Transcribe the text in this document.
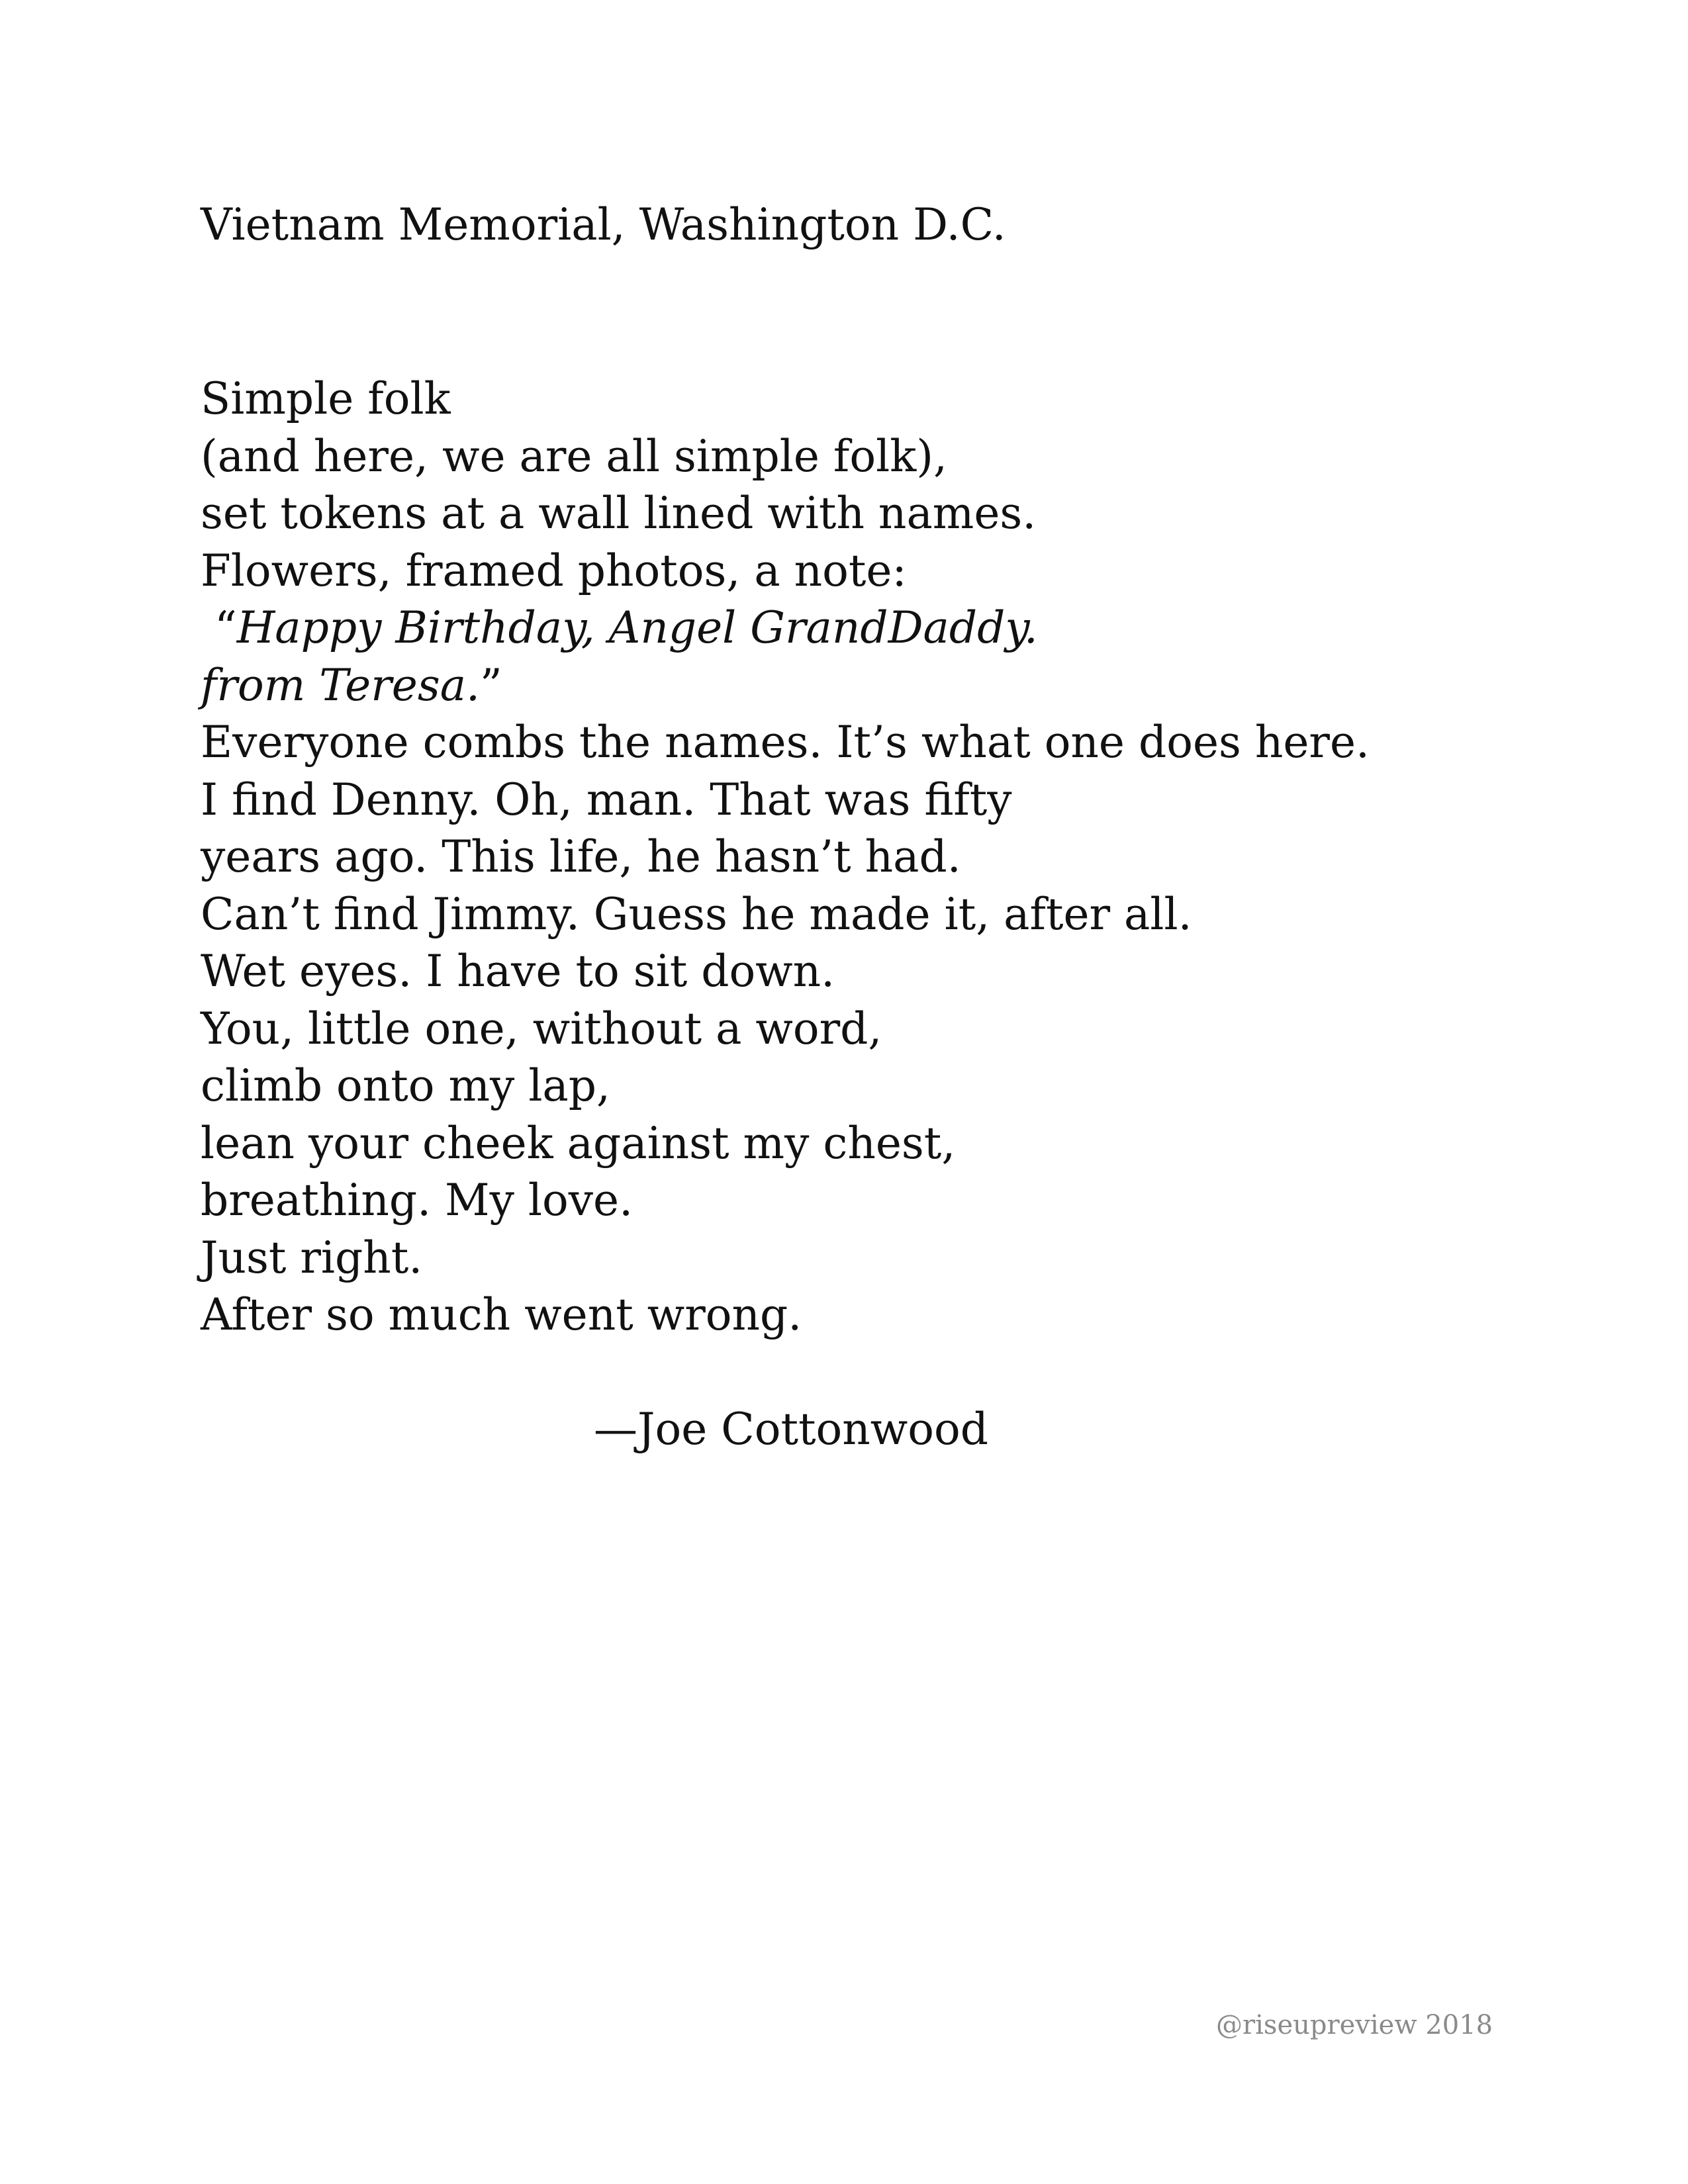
Vietnam Memorial, Washington D.C.
Simple folk
(and here, we are all simple folk),
set tokens at a wall lined with names.
Flowers, framed photos, a note:
“Happy Birthday, Angel GrandDaddy.
from Teresa.”
Everyone combs the names. It’s what one does here.
I find Denny. Oh, man. That was fifty
years ago. This life, he hasn’t had.
Can’t find Jimmy. Guess he made it, after all.
Wet eyes. I have to sit down.
You, little one, without a word,
climb onto my lap,
lean your cheek against my chest,
breathing. My love.
Just right.
After so much went wrong.
—Joe Cottonwood
@riseupreview 2018
